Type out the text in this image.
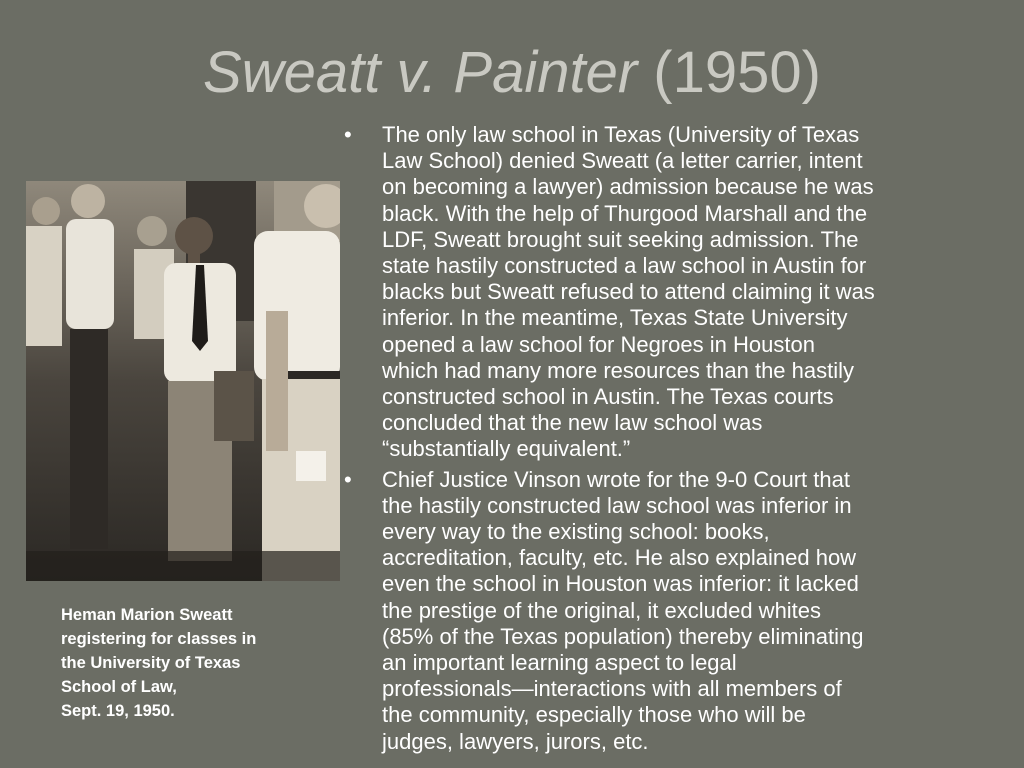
Sweatt v. Painter (1950)
Heman Marion Sweatt
registering for classes in
the University of Texas
School of Law,
Sept. 19, 1950.
• The only law school in Texas (University of Texas
Law School) denied Sweatt (a letter carrier, intent
on becoming a lawyer) admission because he was
black. With the help of Thurgood Marshall and the
LDF, Sweatt brought suit seeking admission. The
state hastily constructed a law school in Austin for
blacks but Sweatt refused to attend claiming it was
inferior. In the meantime, Texas State University
opened a law school for Negroes in Houston
which had many more resources than the hastily
constructed school in Austin. The Texas courts
concluded that the new law school was
“substantially equivalent.”
• Chief Justice Vinson wrote for the 9-0 Court that
the hastily constructed law school was inferior in
every way to the existing school: books,
accreditation, faculty, etc. He also explained how
even the school in Houston was inferior: it lacked
the prestige of the original, it excluded whites
(85% of the Texas population) thereby eliminating
an important learning aspect to legal
professionals—interactions with all members of
the community, especially those who will be
judges, lawyers, jurors, etc.
